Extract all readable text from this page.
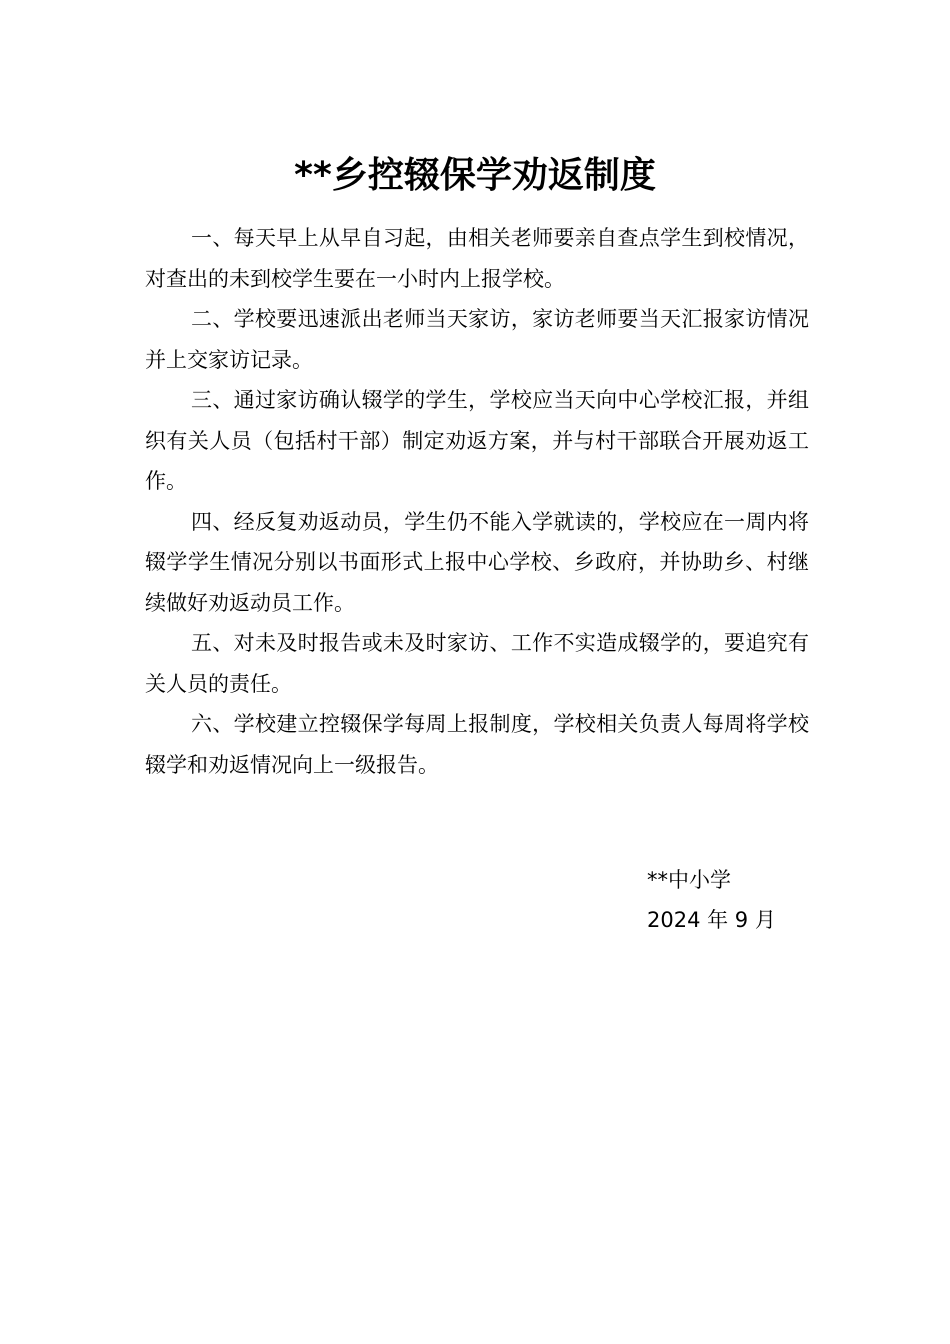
**乡控辍保学劝返制度

一、每天早上从早自习起，由相关老师要亲自查点学生到校情况，对查出的未到校学生要在一小时内上报学校。

二、学校要迅速派出老师当天家访，家访老师要当天汇报家访情况并上交家访记录。

三、通过家访确认辍学的学生，学校应当天向中心学校汇报，并组织有关人员（包括村干部）制定劝返方案，并与村干部联合开展劝返工作。

四、经反复劝返动员，学生仍不能入学就读的，学校应在一周内将辍学学生情况分别以书面形式上报中心学校、乡政府，并协助乡、村继续做好劝返动员工作。

五、对未及时报告或未及时家访、工作不实造成辍学的，要追究有关人员的责任。

六、学校建立控辍保学每周上报制度，学校相关负责人每周将学校辍学和劝返情况向上一级报告。

**中小学
2024 年 9 月
